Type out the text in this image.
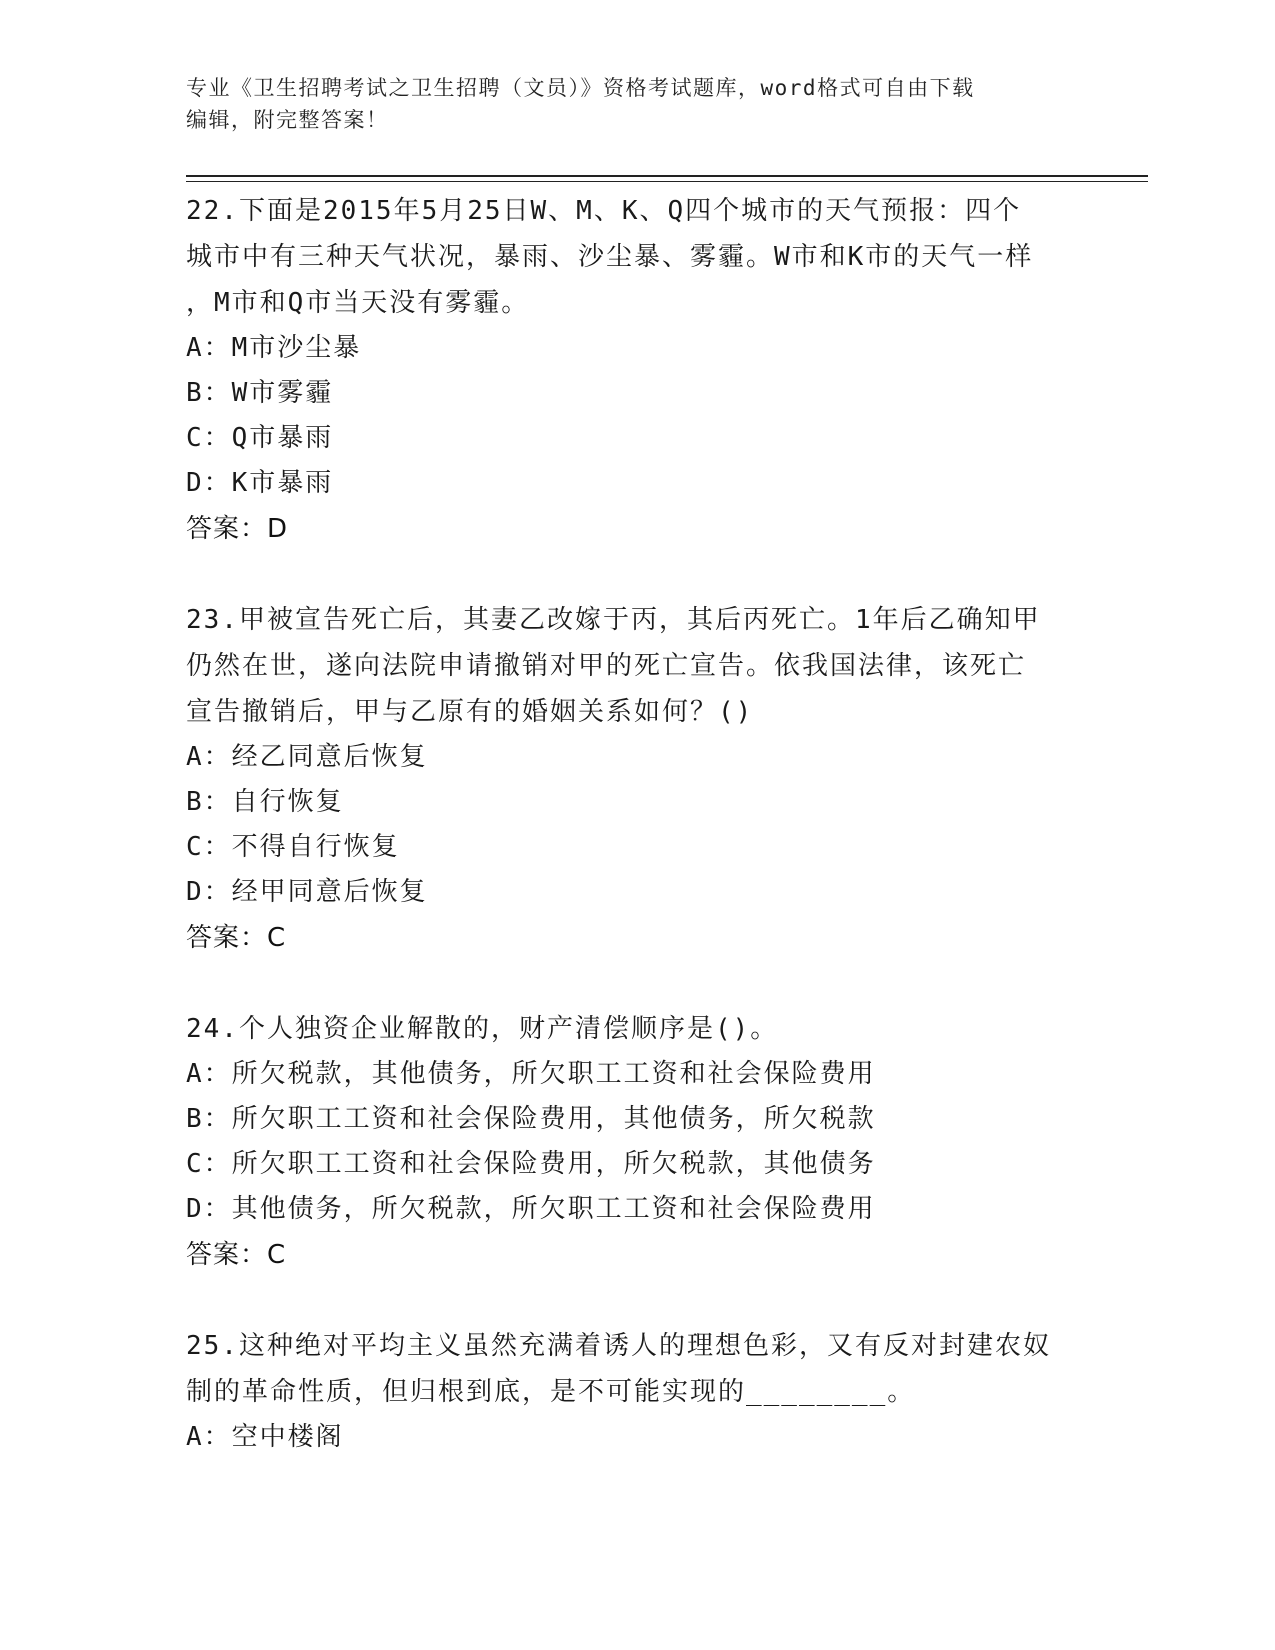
专业《卫生招聘考试之卫生招聘（文员）》资格考试题库，word格式可自由下载
编辑，附完整答案！
22.下面是2015年5月25日W、M、K、Q四个城市的天气预报：四个
城市中有三种天气状况，暴雨、沙尘暴、雾霾。W市和K市的天气一样
，M市和Q市当天没有雾霾。
A：M市沙尘暴
B：W市雾霾
C：Q市暴雨
D：K市暴雨
答案：D
23.甲被宣告死亡后，其妻乙改嫁于丙，其后丙死亡。1年后乙确知甲
仍然在世，遂向法院申请撤销对甲的死亡宣告。依我国法律，该死亡
宣告撤销后，甲与乙原有的婚姻关系如何？()
A：经乙同意后恢复
B：自行恢复
C：不得自行恢复
D：经甲同意后恢复
答案：C
24.个人独资企业解散的，财产清偿顺序是()。
A：所欠税款，其他债务，所欠职工工资和社会保险费用
B：所欠职工工资和社会保险费用，其他债务，所欠税款
C：所欠职工工资和社会保险费用，所欠税款，其他债务
D：其他债务，所欠税款，所欠职工工资和社会保险费用
答案：C
25.这种绝对平均主义虽然充满着诱人的理想色彩，又有反对封建农奴
制的革命性质，但归根到底，是不可能实现的________。
A：空中楼阁
